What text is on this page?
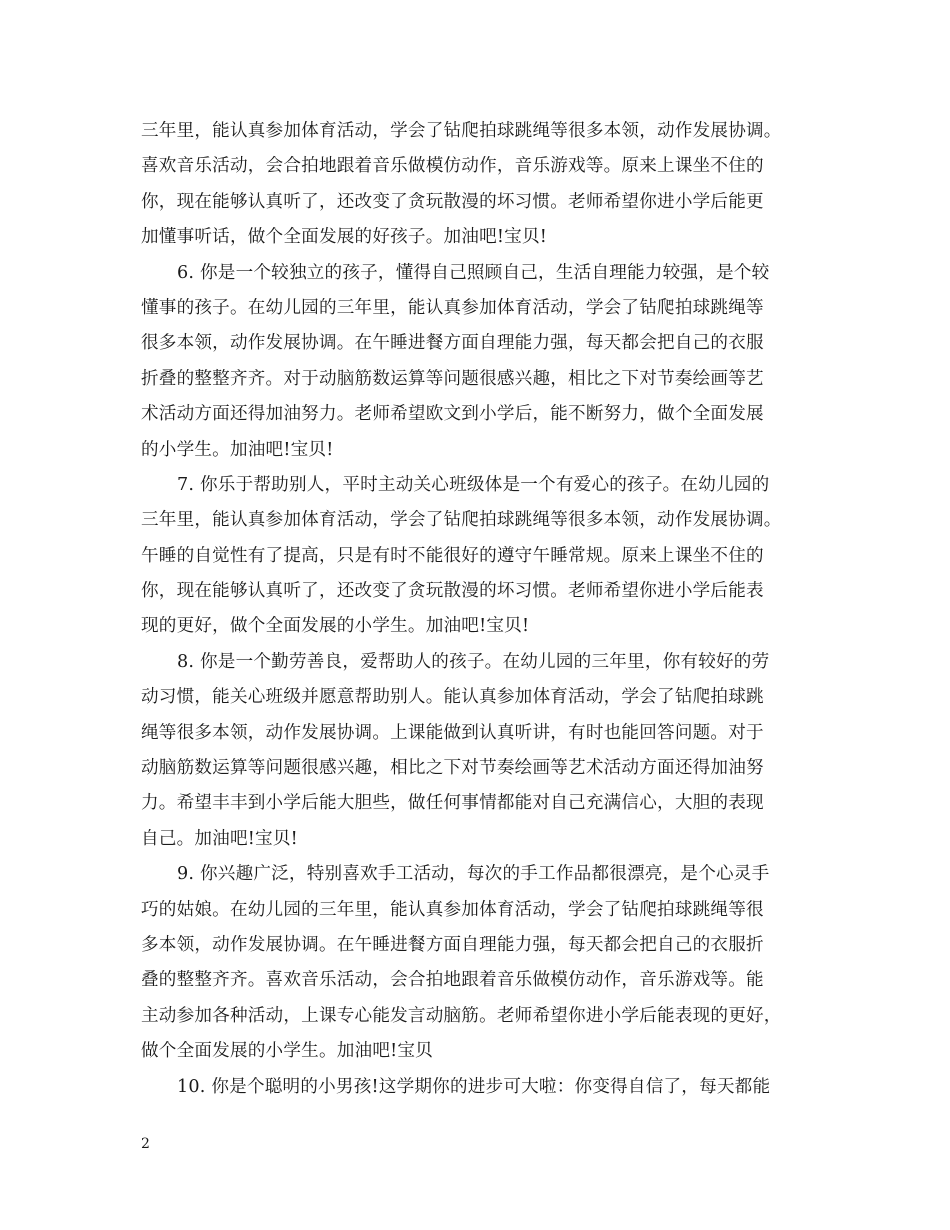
三年里，能认真参加体育活动，学会了钻爬拍球跳绳等很多本领，动作发展协调。
喜欢音乐活动，会合拍地跟着音乐做模仿动作，音乐游戏等。原来上课坐不住的
你，现在能够认真听了，还改变了贪玩散漫的坏习惯。老师希望你进小学后能更
加懂事听话，做个全面发展的好孩子。加油吧!宝贝!
6. 你是一个较独立的孩子，懂得自己照顾自己，生活自理能力较强，是个较
懂事的孩子。在幼儿园的三年里，能认真参加体育活动，学会了钻爬拍球跳绳等
很多本领，动作发展协调。在午睡进餐方面自理能力强，每天都会把自己的衣服
折叠的整整齐齐。对于动脑筋数运算等问题很感兴趣，相比之下对节奏绘画等艺
术活动方面还得加油努力。老师希望欧文到小学后，能不断努力，做个全面发展
的小学生。加油吧!宝贝!
7. 你乐于帮助别人，平时主动关心班级体是一个有爱心的孩子。在幼儿园的
三年里，能认真参加体育活动，学会了钻爬拍球跳绳等很多本领，动作发展协调。
午睡的自觉性有了提高，只是有时不能很好的遵守午睡常规。原来上课坐不住的
你，现在能够认真听了，还改变了贪玩散漫的坏习惯。老师希望你进小学后能表
现的更好，做个全面发展的小学生。加油吧!宝贝!
8. 你是一个勤劳善良，爱帮助人的孩子。在幼儿园的三年里，你有较好的劳
动习惯，能关心班级并愿意帮助别人。能认真参加体育活动，学会了钻爬拍球跳
绳等很多本领，动作发展协调。上课能做到认真听讲，有时也能回答问题。对于
动脑筋数运算等问题很感兴趣，相比之下对节奏绘画等艺术活动方面还得加油努
力。希望丰丰到小学后能大胆些，做任何事情都能对自己充满信心，大胆的表现
自己。加油吧!宝贝!
9. 你兴趣广泛，特别喜欢手工活动，每次的手工作品都很漂亮，是个心灵手
巧的姑娘。在幼儿园的三年里，能认真参加体育活动，学会了钻爬拍球跳绳等很
多本领，动作发展协调。在午睡进餐方面自理能力强，每天都会把自己的衣服折
叠的整整齐齐。喜欢音乐活动，会合拍地跟着音乐做模仿动作，音乐游戏等。能
主动参加各种活动，上课专心能发言动脑筋。老师希望你进小学后能表现的更好，
做个全面发展的小学生。加油吧!宝贝
10. 你是个聪明的小男孩!这学期你的进步可大啦：你变得自信了，每天都能
2
